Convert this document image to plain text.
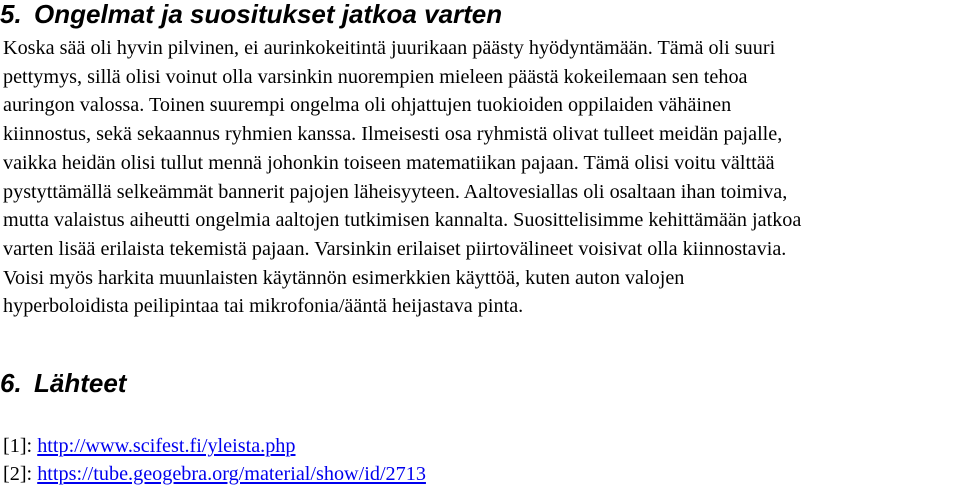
5. Ongelmat ja suositukset jatkoa varten

Koska sää oli hyvin pilvinen, ei aurinkokeitintä juurikaan päästy hyödyntämään. Tämä oli suuri
pettymys, sillä olisi voinut olla varsinkin nuorempien mieleen päästä kokeilemaan sen tehoa
auringon valossa. Toinen suurempi ongelma oli ohjattujen tuokioiden oppilaiden vähäinen
kiinnostus, sekä sekaannus ryhmien kanssa. Ilmeisesti osa ryhmistä olivat tulleet meidän pajalle,
vaikka heidän olisi tullut mennä johonkin toiseen matematiikan pajaan. Tämä olisi voitu välttää
pystyttämällä selkeämmät bannerit pajojen läheisyyteen. Aaltovesiallas oli osaltaan ihan toimiva,
mutta valaistus aiheutti ongelmia aaltojen tutkimisen kannalta. Suosittelisimme kehittämään jatkoa
varten lisää erilaista tekemistä pajaan. Varsinkin erilaiset piirtovälineet voisivat olla kiinnostavia.
Voisi myös harkita muunlaisten käytännön esimerkkien käyttöä, kuten auton valojen
hyperboloidista peilipintaa tai mikrofonia/ääntä heijastava pinta.

6. Lähteet
[1]: http://www.scifest.fi/yleista.php
[2]: https://tube.geogebra.org/material/show/id/2713
